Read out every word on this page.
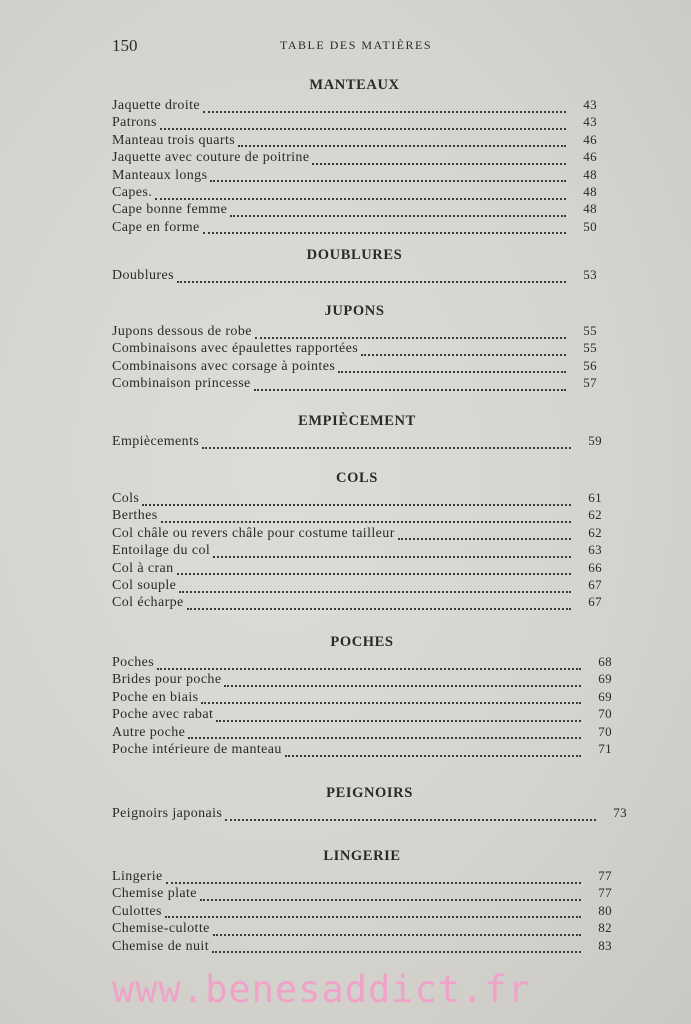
150	TABLE DES MATIÈRES
MANTEAUX
Jaquette droite	43
Patrons	43
Manteau trois quarts	46
Jaquette avec couture de poitrine	46
Manteaux longs	48
Capes.	48
Cape bonne femme	48
Cape en forme	50
DOUBLURES
Doublures	53
JUPONS
Jupons dessous de robe	55
Combinaisons avec épaulettes rapportées	55
Combinaisons avec corsage à pointes	56
Combinaison princesse	57
EMPIÈCEMENT
Empiècements	59
COLS
Cols	61
Berthes	62
Col châle ou revers châle pour costume tailleur	62
Entoilage du col	63
Col à cran	66
Col souple	67
Col écharpe	67
POCHES
Poches	68
Brides pour poche	69
Poche en biais	69
Poche avec rabat	70
Autre poche	70
Poche intérieure de manteau	71
PEIGNOIRS
Peignoirs japonais	73
LINGERIE
Lingerie	77
Chemise plate	77
Culottes	80
Chemise-culotte	82
Chemise de nuit	83
www.benesaddict.fr
